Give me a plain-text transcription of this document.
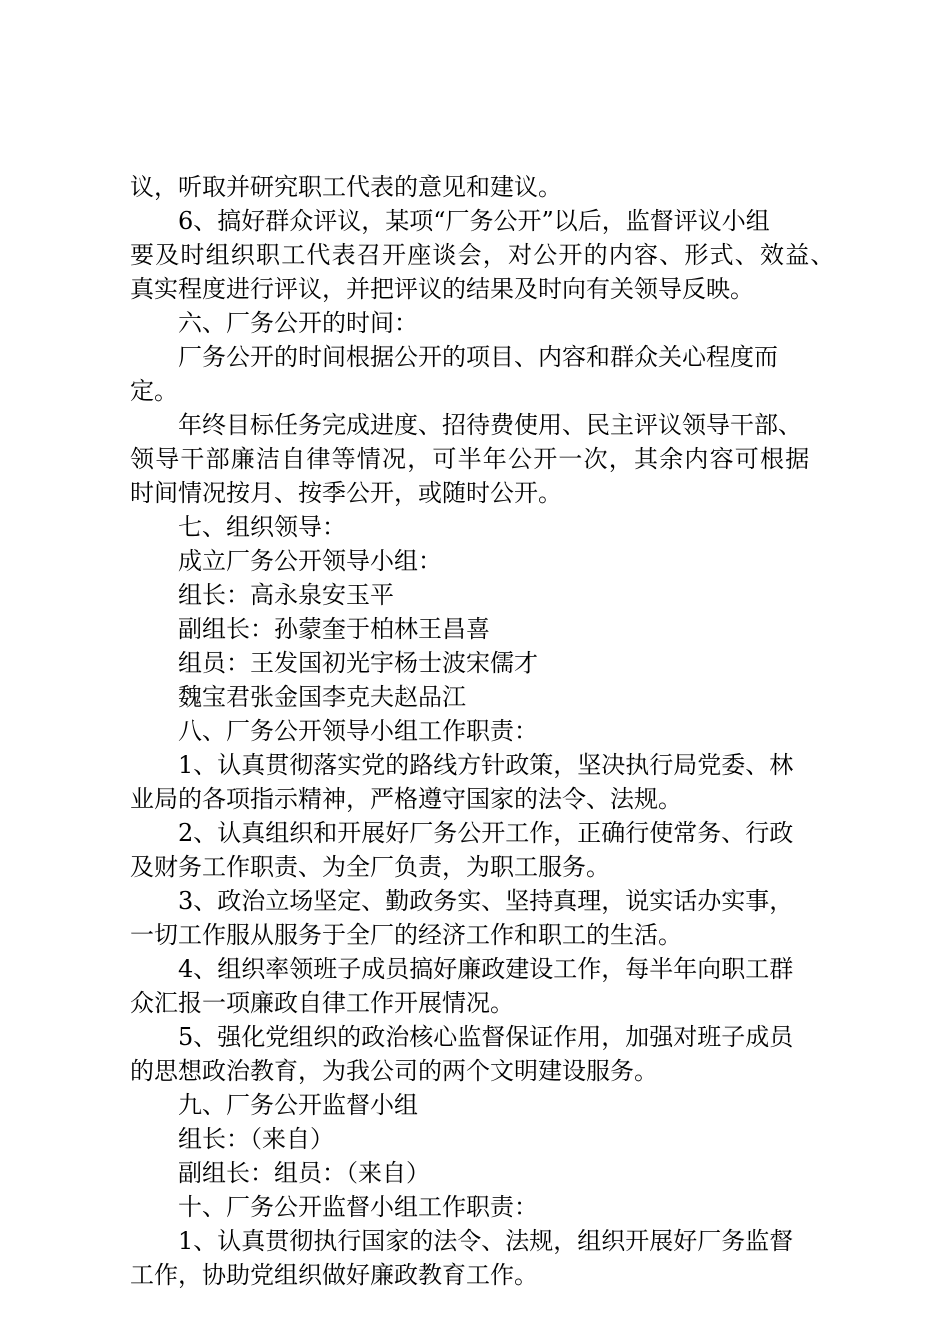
议，听取并研究职工代表的意见和建议。
6、搞好群众评议，某项“厂务公开”以后，监督评议小组
要及时组织职工代表召开座谈会，对公开的内容、形式、效益、
真实程度进行评议，并把评议的结果及时向有关领导反映。
六、厂务公开的时间：
厂务公开的时间根据公开的项目、内容和群众关心程度而
定。
年终目标任务完成进度、招待费使用、民主评议领导干部、
领导干部廉洁自律等情况，可半年公开一次，其余内容可根据
时间情况按月、按季公开，或随时公开。
七、组织领导：
成立厂务公开领导小组：
组长：高永泉安玉平
副组长：孙蒙奎于柏林王昌喜
组员：王发国初光宇杨士波宋儒才
魏宝君张金国李克夫赵品江
八、厂务公开领导小组工作职责：
1、认真贯彻落实党的路线方针政策，坚决执行局党委、林
业局的各项指示精神，严格遵守国家的法令、法规。
2、认真组织和开展好厂务公开工作，正确行使常务、行政
及财务工作职责、为全厂负责，为职工服务。
3、政治立场坚定、勤政务实、坚持真理，说实话办实事，
一切工作服从服务于全厂的经济工作和职工的生活。
4、组织率领班子成员搞好廉政建设工作，每半年向职工群
众汇报一项廉政自律工作开展情况。
5、强化党组织的政治核心监督保证作用，加强对班子成员
的思想政治教育，为我公司的两个文明建设服务。
九、厂务公开监督小组
组长：（来自）
副组长：组员：（来自）
十、厂务公开监督小组工作职责：
1、认真贯彻执行国家的法令、法规，组织开展好厂务监督
工作，协助党组织做好廉政教育工作。
